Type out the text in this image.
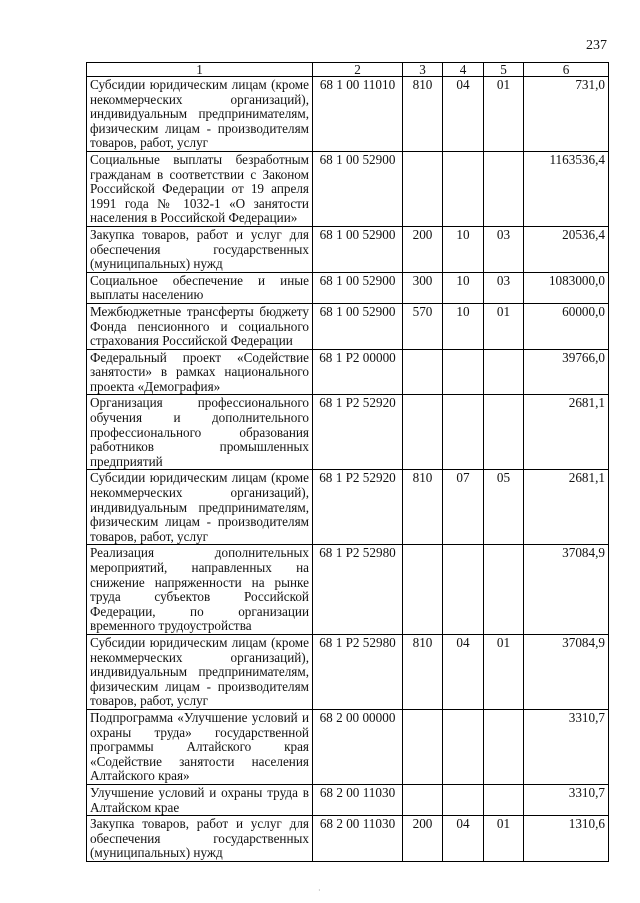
237
1	2	3	4	5	6
Субсидии юридическим лицам (кроме некоммерческих организаций), индивидуальным предпринимателям, физическим лицам - производителям товаров, работ, услуг	68 1 00 11010	810	04	01	731,0
Социальные выплаты безработным гражданам в соответствии с Законом Российской Федерации от 19 апреля 1991 года № 1032-1 «О занятости населения в Российской Федерации»	68 1 00 52900				1163536,4
Закупка товаров, работ и услуг для обеспечения государственных (муниципальных) нужд	68 1 00 52900	200	10	03	20536,4
Социальное обеспечение и иные выплаты населению	68 1 00 52900	300	10	03	1083000,0
Межбюджетные трансферты бюджету Фонда пенсионного и социального страхования Российской Федерации	68 1 00 52900	570	10	01	60000,0
Федеральный проект «Содействие занятости» в рамках национального проекта «Демография»	68 1 P2 00000				39766,0
Организация профессионального обучения и дополнительного профессионального образования работников промышленных предприятий	68 1 P2 52920				2681,1
Субсидии юридическим лицам (кроме некоммерческих организаций), индивидуальным предпринимателям, физическим лицам - производителям товаров, работ, услуг	68 1 P2 52920	810	07	05	2681,1
Реализация дополнительных мероприятий, направленных на снижение напряженности на рынке труда субъектов Российской Федерации, по организации временного трудоустройства	68 1 P2 52980				37084,9
Субсидии юридическим лицам (кроме некоммерческих организаций), индивидуальным предпринимателям, физическим лицам - производителям товаров, работ, услуг	68 1 P2 52980	810	04	01	37084,9
Подпрограмма «Улучшение условий и охраны труда» государственной программы Алтайского края «Содействие занятости населения Алтайского края»	68 2 00 00000				3310,7
Улучшение условий и охраны труда в Алтайском крае	68 2 00 11030				3310,7
Закупка товаров, работ и услуг для обеспечения государственных (муниципальных) нужд	68 2 00 11030	200	04	01	1310,6
·
